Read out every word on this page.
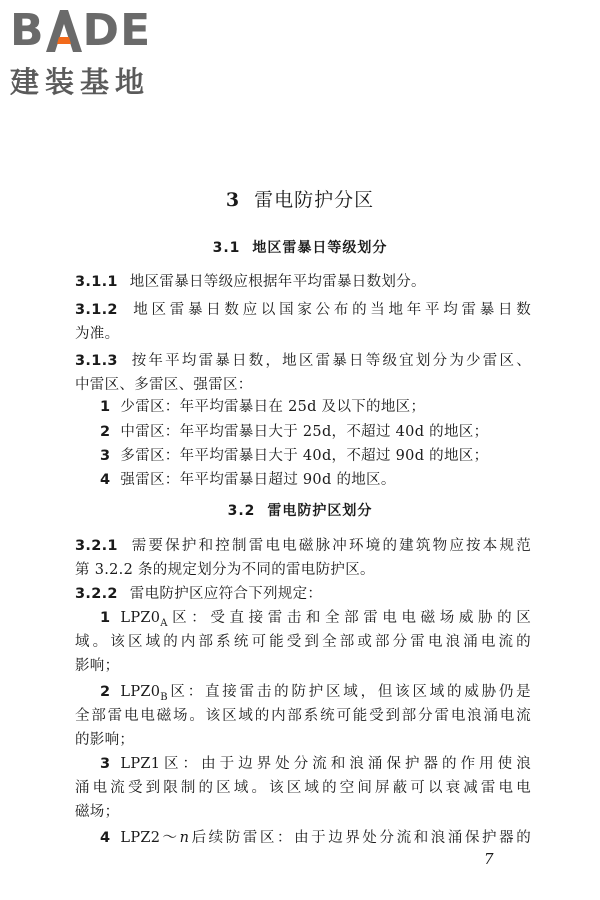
B DE
建装基地
3 雷电防护分区
3.1 地区雷暴日等级划分
3.1.1 地区雷暴日等级应根据年平均雷暴日数划分。
3.1.2 地区雷暴日数应以国家公布的当地年平均雷暴日数
为准。
3.1.3 按年平均雷暴日数，地区雷暴日等级宜划分为少雷区、
中雷区、多雷区、强雷区：
1 少雷区：年平均雷暴日在 25d 及以下的地区；
2 中雷区：年平均雷暴日大于 25d，不超过 40d 的地区；
3 多雷区：年平均雷暴日大于 40d，不超过 90d 的地区；
4 强雷区：年平均雷暴日超过 90d 的地区。
3.2 雷电防护区划分
3.2.1 需要保护和控制雷电电磁脉冲环境的建筑物应按本规范
第 3.2.2 条的规定划分为不同的雷电防护区。
3.2.2 雷电防护区应符合下列规定：
1 $LPZ0_A$区：受直接雷击和全部雷电电磁场威胁的区
域。该区域的内部系统可能受到全部或部分雷电浪涌电流的
影响；
2 $LPZ0_B$区：直接雷击的防护区域，但该区域的威胁仍是
全部雷电电磁场。该区域的内部系统可能受到部分雷电浪涌电流
的影响；
3 LPZ1区：由于边界处分流和浪涌保护器的作用使浪
涌电流受到限制的区域。该区域的空间屏蔽可以衰减雷电电
磁场；
4 LPZ2～n后续防雷区：由于边界处分流和浪涌保护器的
7
